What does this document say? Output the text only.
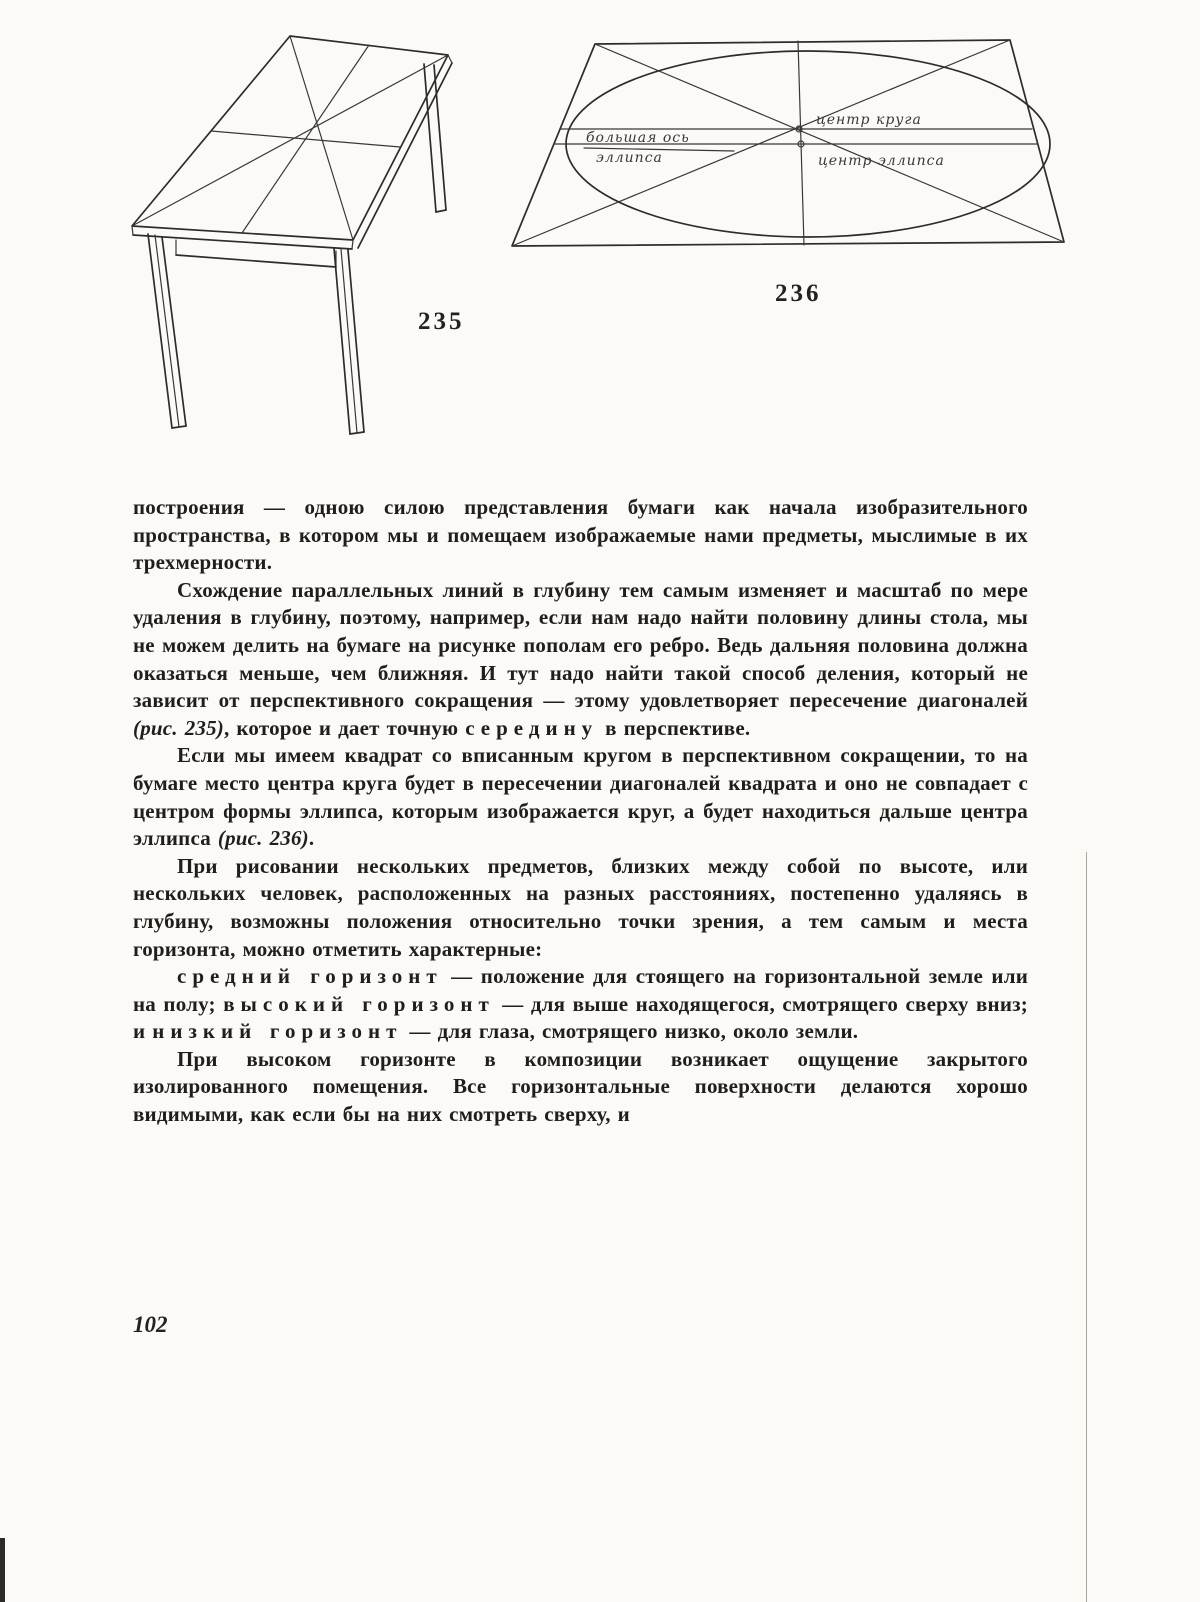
центр круга
большая ось
эллипса	центр эллипса
235
236

построения — одною силою представления бумаги как начала изобразительного пространства, в котором мы и помещаем изображаемые нами предметы, мыслимые в их трехмерности.

Схождение параллельных линий в глубину тем самым изменяет и масштаб по мере удаления в глубину, поэтому, например, если нам надо найти половину длины стола, мы не можем делить на бумаге на рисунке пополам его ребро. Ведь дальняя половина должна оказаться меньше, чем ближняя. И тут надо найти такой способ деления, который не зависит от перспективного сокращения — этому удовлетворяет пересечение диагоналей (рис. 235), которое и дает точную середину в перспективе.

Если мы имеем квадрат со вписанным кругом в перспективном сокращении, то на бумаге место центра круга будет в пересечении диагоналей квадрата и оно не совпадает с центром формы эллипса, которым изображается круг, а будет находиться дальше центра эллипса (рис. 236).

При рисовании нескольких предметов, близких между собой по высоте, или нескольких человек, расположенных на разных расстояниях, постепенно удаляясь в глубину, возможны положения относительно точки зрения, а тем самым и места горизонта, можно отметить характерные:

средний горизонт — положение для стоящего на горизонтальной земле или на полу; высокий горизонт — для выше находящегося, смотрящего сверху вниз; и низкий горизонт — для глаза, смотрящего низко, около земли.

При высоком горизонте в композиции возникает ощущение закрытого изолированного помещения. Все горизонтальные поверхности делаются хорошо видимыми, как если бы на них смотреть сверху, и

102
